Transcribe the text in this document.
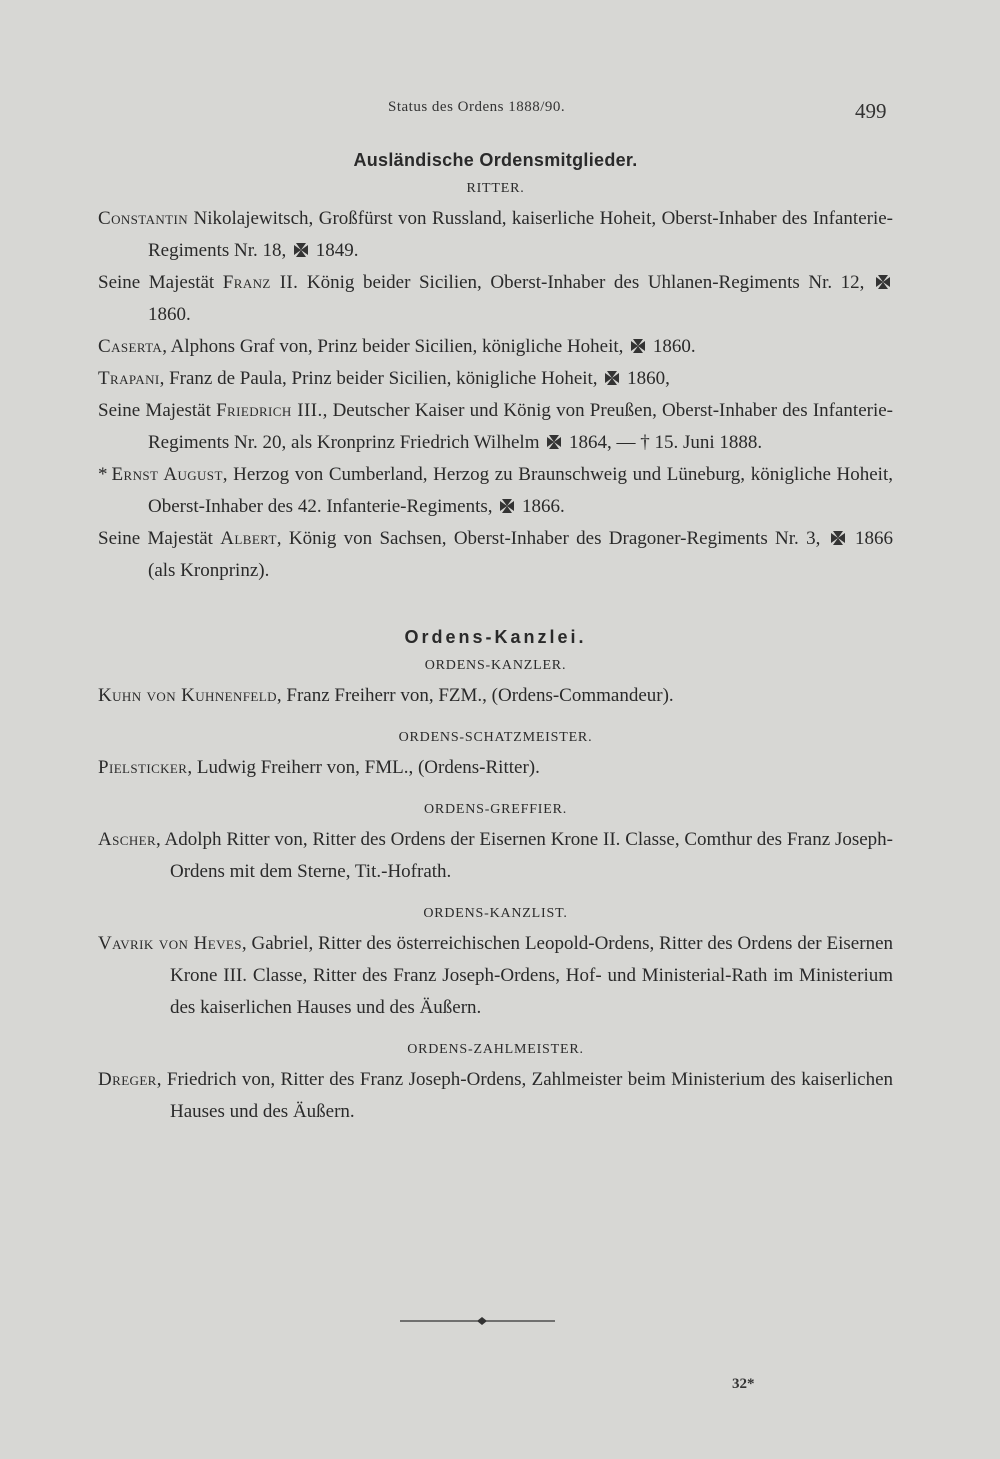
Status des Ordens 1888/90.	499
Ausländische Ordensmitglieder.
RITTER.

Constantin Nikolajewitsch, Großfürst von Russland, kaiserliche Hoheit, Oberst-Inhaber des Infanterie-Regiments Nr. 18,  1849.

Seine Majestät Franz II. König beider Sicilien, Oberst-Inhaber des Uhlanen-Regiments Nr. 12,  1860.

Caserta, Alphons Graf von, Prinz beider Sicilien, königliche Hoheit,  1860.

Trapani, Franz de Paula, Prinz beider Sicilien, königliche Hoheit,  1860,

Seine Majestät Friedrich III., Deutscher Kaiser und König von Preußen, Oberst-Inhaber des Infanterie-Regiments Nr. 20, als Kronprinz Friedrich Wilhelm  1864, — † 15. Juni 1888.

* Ernst August, Herzog von Cumberland, Herzog zu Braunschweig und Lüneburg, königliche Hoheit, Oberst-Inhaber des 42. Infanterie-Regiments,  1866.

Seine Majestät Albert, König von Sachsen, Oberst-Inhaber des Dragoner-Regiments Nr. 3,  1866 (als Kronprinz).

Ordens-Kanzlei.
ORDENS-KANZLER.

Kuhn von Kuhnenfeld, Franz Freiherr von, FZM., (Ordens-Commandeur).

ORDENS-SCHATZMEISTER.

Pielsticker, Ludwig Freiherr von, FML., (Ordens-Ritter).

ORDENS-GREFFIER.

Ascher, Adolph Ritter von, Ritter des Ordens der Eisernen Krone II. Classe, Comthur des Franz Joseph-Ordens mit dem Sterne, Tit.-Hofrath.

ORDENS-KANZLIST.

Vavrik von Heves, Gabriel, Ritter des österreichischen Leopold-Ordens, Ritter des Ordens der Eisernen Krone III. Classe, Ritter des Franz Joseph-Ordens, Hof- und Ministerial-Rath im Ministerium des kaiserlichen Hauses und des Äußern.

ORDENS-ZAHLMEISTER.

Dreger, Friedrich von, Ritter des Franz Joseph-Ordens, Zahlmeister beim Ministerium des kaiserlichen Hauses und des Äußern.

32*
